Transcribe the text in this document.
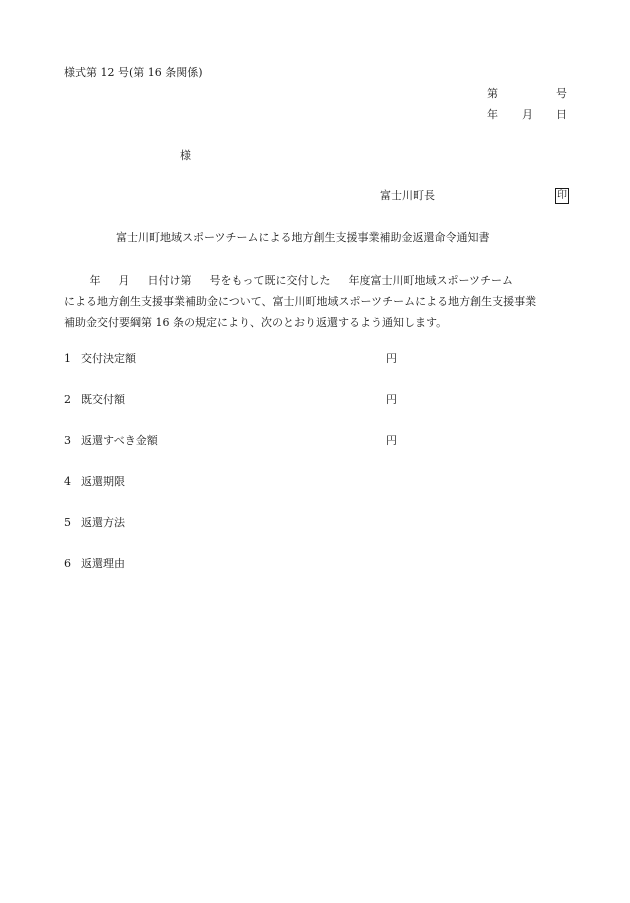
様式第 12 号(第 16 条関係)
第	号
年 月 日
様
富士川町長	印
富士川町地域スポーツチームによる地方創生支援事業補助金返還命令通知書
　　 年 　 月 　 日付け第 　 号をもって既に交付した 　 年度富士川町地域スポーツチーム
による地方創生支援事業補助金について、富士川町地域スポーツチームによる地方創生支援事業
補助金交付要綱第 16 条の規定により、次のとおり返還するよう通知します。
1 交付決定額	円
2 既交付額	円
3 返還すべき金額	円
4 返還期限
5 返還方法
6 返還理由
